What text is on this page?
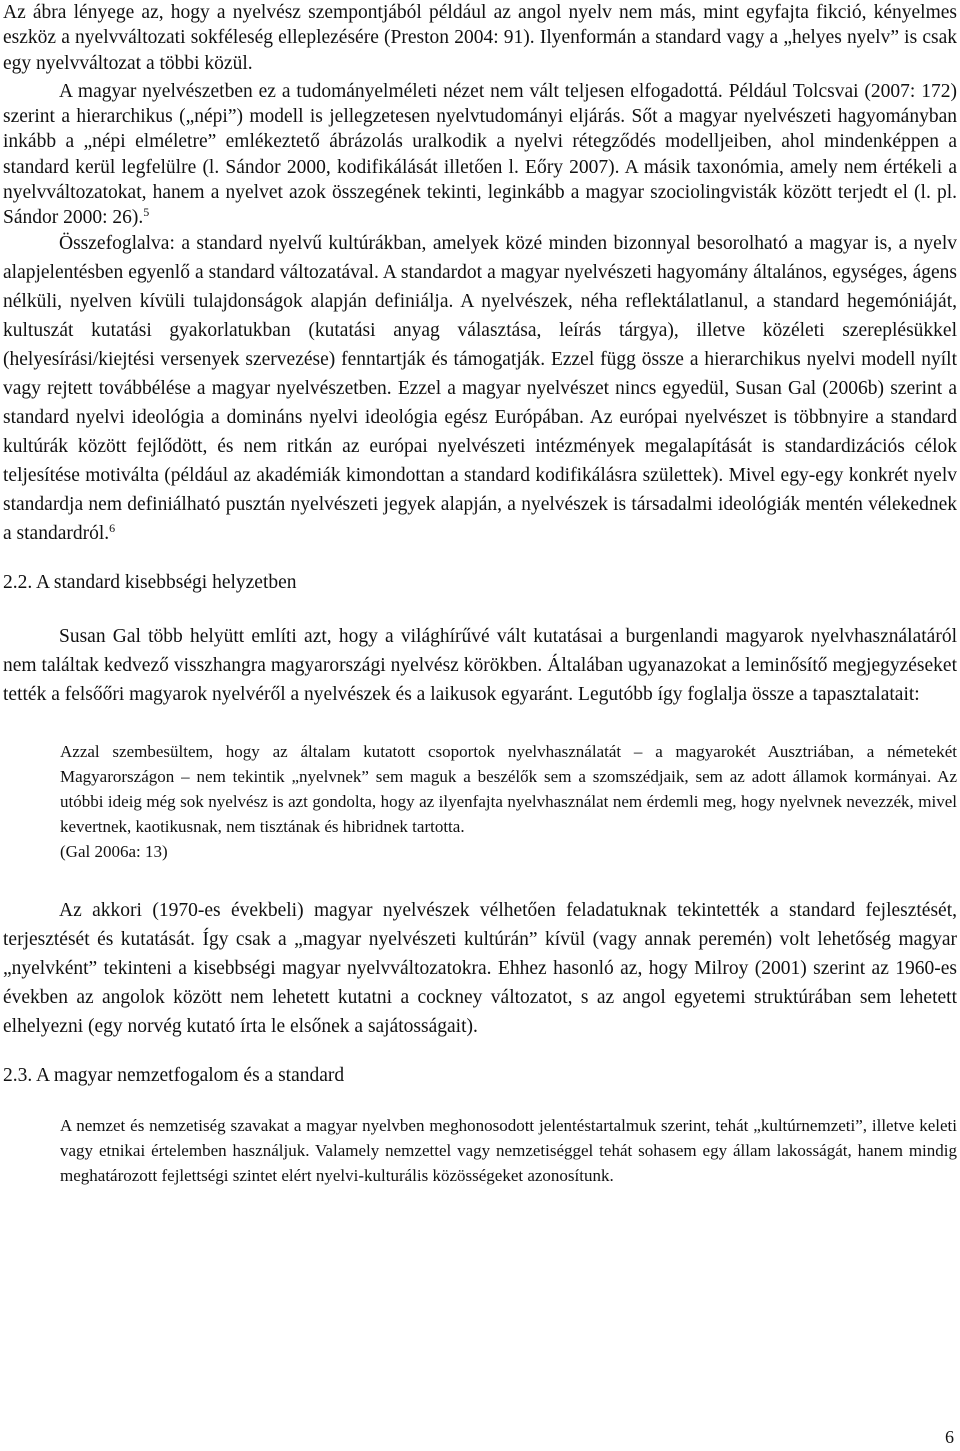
Az ábra lényege az, hogy a nyelvész szempontjából például az angol nyelv nem más, mint egyfajta fikció, kényelmes eszköz a nyelvváltozati sokféleség elleplezésére (Preston 2004: 91). Ilyenformán a standard vagy a „helyes nyelv” is csak egy nyelvváltozat a többi közül.

A magyar nyelvészetben ez a tudományelméleti nézet nem vált teljesen elfogadottá. Például Tolcsvai (2007: 172) szerint a hierarchikus („népi”) modell is jellegzetesen nyelvtudományi eljárás. Sőt a magyar nyelvészeti hagyományban inkább a „népi elméletre” emlékeztető ábrázolás uralkodik a nyelvi rétegződés modelljeiben, ahol mindenképpen a standard kerül legfelülre (l. Sándor 2000, kodifikálását illetően l. Eőry 2007). A másik taxonómia, amely nem értékeli a nyelvváltozatokat, hanem a nyelvet azok összegének tekinti, leginkább a magyar szociolingvisták között terjedt el (l. pl. Sándor 2000: 26).$^5$

Összefoglalva: a standard nyelvű kultúrákban, amelyek közé minden bizonnyal besorolható a magyar is, a nyelv alapjelentésben egyenlő a standard változatával. A standardot a magyar nyelvészeti hagyomány általános, egységes, ágens nélküli, nyelven kívüli tulajdonságok alapján definiálja. A nyelvészek, néha reflektálatlanul, a standard hegemóniáját, kultuszát kutatási gyakorlatukban (kutatási anyag választása, leírás tárgya), illetve közéleti szereplésükkel (helyesírási/kiejtési versenyek szervezése) fenntartják és támogatják. Ezzel függ össze a hierarchikus nyelvi modell nyílt vagy rejtett továbbélése a magyar nyelvészetben. Ezzel a magyar nyelvészet nincs egyedül, Susan Gal (2006b) szerint a standard nyelvi ideológia a domináns nyelvi ideológia egész Európában. Az európai nyelvészet is többnyire a standard kultúrák között fejlődött, és nem ritkán az európai nyelvészeti intézmények megalapítását is standardizációs célok teljesítése motiválta (például az akadémiák kimondottan a standard kodifikálásra születtek). Mivel egy-egy konkrét nyelv standardja nem definiálható pusztán nyelvészeti jegyek alapján, a nyelvészek is társadalmi ideológiák mentén vélekednek a standardról.$^6$

2.2. A standard kisebbségi helyzetben

Susan Gal több helyütt említi azt, hogy a világhírűvé vált kutatásai a burgenlandi magyarok nyelvhasználatáról nem találtak kedvező visszhangra magyarországi nyelvész körökben. Általában ugyanazokat a leminősítő megjegyzéseket tették a felsőőri magyarok nyelvéről a nyelvészek és a laikusok egyaránt. Legutóbb így foglalja össze a tapasztalatait:

Azzal szembesültem, hogy az általam kutatott csoportok nyelvhasználatát – a magyarokét Ausztriában, a németekét Magyarországon – nem tekintik „nyelvnek” sem maguk a beszélők sem a szomszédjaik, sem az adott államok kormányai. Az utóbbi ideig még sok nyelvész is azt gondolta, hogy az ilyenfajta nyelvhasználat nem érdemli meg, hogy nyelvnek nevezzék, mivel kevertnek, kaotikusnak, nem tisztának és hibridnek tartotta.

(Gal 2006a: 13)

Az akkori (1970-es évekbeli) magyar nyelvészek vélhetően feladatuknak tekintették a standard fejlesztését, terjesztését és kutatását. Így csak a „magyar nyelvészeti kultúrán” kívül (vagy annak peremén) volt lehetőség magyar „nyelvként” tekinteni a kisebbségi magyar nyelvváltozatokra. Ehhez hasonló az, hogy Milroy (2001) szerint az 1960-es években az angolok között nem lehetett kutatni a cockney változatot, s az angol egyetemi struktúrában sem lehetett elhelyezni (egy norvég kutató írta le elsőnek a sajátosságait).

2.3. A magyar nemzetfogalom és a standard

A nemzet és nemzetiség szavakat a magyar nyelvben meghonosodott jelentéstartalmuk szerint, tehát „kultúrnemzeti”, illetve keleti vagy etnikai értelemben használjuk. Valamely nemzettel vagy nemzetiséggel tehát sohasem egy állam lakosságát, hanem mindig meghatározott fejlettségi szintet elért nyelvi-kulturális közösségeket azonosítunk.

6
